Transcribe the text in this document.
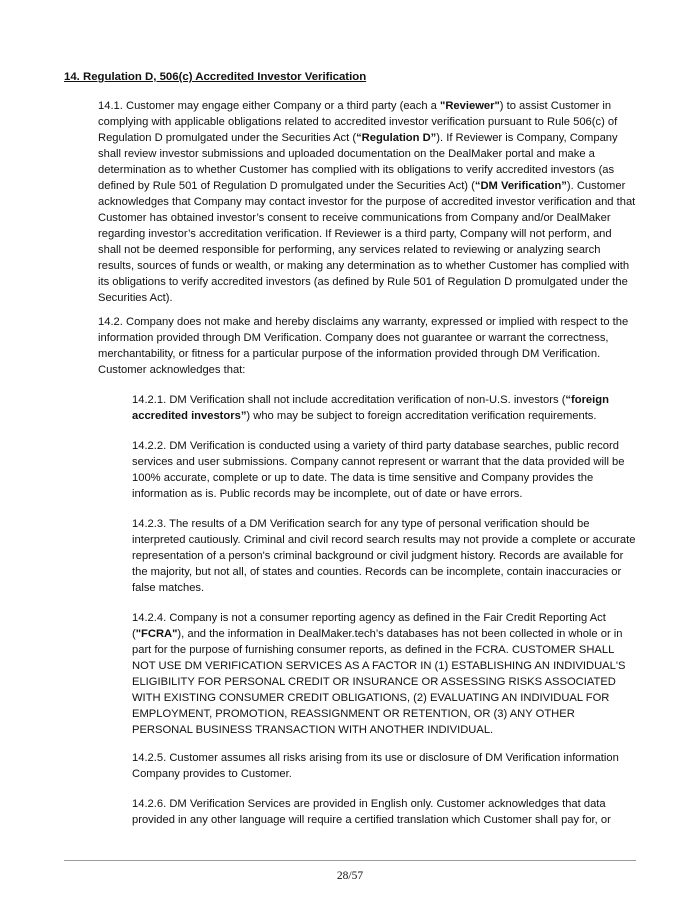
14. Regulation D, 506(c) Accredited Investor Verification

14.1. Customer may engage either Company or a third party (each a "Reviewer") to assist Customer in complying with applicable obligations related to accredited investor verification pursuant to Rule 506(c) of Regulation D promulgated under the Securities Act (“Regulation D”). If Reviewer is Company, Company shall review investor submissions and uploaded documentation on the DealMaker portal and make a determination as to whether Customer has complied with its obligations to verify accredited investors (as defined by Rule 501 of Regulation D promulgated under the Securities Act) (“DM Verification”). Customer acknowledges that Company may contact investor for the purpose of accredited investor verification and that Customer has obtained investor’s consent to receive communications from Company and/or DealMaker regarding investor’s accreditation verification. If Reviewer is a third party, Company will not perform, and shall not be deemed responsible for performing, any services related to reviewing or analyzing search results, sources of funds or wealth, or making any determination as to whether Customer has complied with its obligations to verify accredited investors (as defined by Rule 501 of Regulation D promulgated under the Securities Act).

14.2. Company does not make and hereby disclaims any warranty, expressed or implied with respect to the information provided through DM Verification. Company does not guarantee or warrant the correctness, merchantability, or fitness for a particular purpose of the information provided through DM Verification. Customer acknowledges that:

14.2.1. DM Verification shall not include accreditation verification of non-U.S. investors (“foreign accredited investors”) who may be subject to foreign accreditation verification requirements.

14.2.2. DM Verification is conducted using a variety of third party database searches, public record services and user submissions. Company cannot represent or warrant that the data provided will be 100% accurate, complete or up to date. The data is time sensitive and Company provides the information as is. Public records may be incomplete, out of date or have errors.

14.2.3. The results of a DM Verification search for any type of personal verification should be interpreted cautiously. Criminal and civil record search results may not provide a complete or accurate representation of a person's criminal background or civil judgment history. Records are available for the majority, but not all, of states and counties. Records can be incomplete, contain inaccuracies or false matches.

14.2.4. Company is not a consumer reporting agency as defined in the Fair Credit Reporting Act ("FCRA"), and the information in DealMaker.tech’s databases has not been collected in whole or in part for the purpose of furnishing consumer reports, as defined in the FCRA. CUSTOMER SHALL NOT USE DM VERIFICATION SERVICES AS A FACTOR IN (1) ESTABLISHING AN INDIVIDUAL'S ELIGIBILITY FOR PERSONAL CREDIT OR INSURANCE OR ASSESSING RISKS ASSOCIATED WITH EXISTING CONSUMER CREDIT OBLIGATIONS, (2) EVALUATING AN INDIVIDUAL FOR EMPLOYMENT, PROMOTION, REASSIGNMENT OR RETENTION, OR (3) ANY OTHER PERSONAL BUSINESS TRANSACTION WITH ANOTHER INDIVIDUAL.

14.2.5. Customer assumes all risks arising from its use or disclosure of DM Verification information Company provides to Customer.

14.2.6. DM Verification Services are provided in English only. Customer acknowledges that data provided in any other language will require a certified translation which Customer shall pay for, or

28/57
